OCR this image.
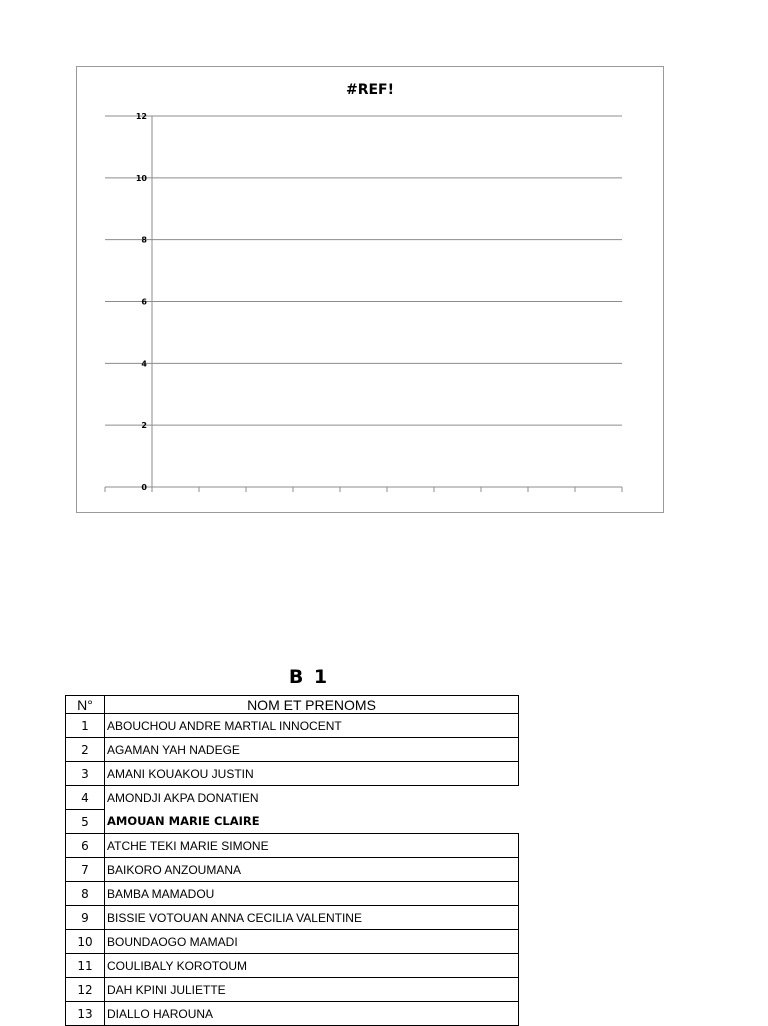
#REF!
0
2
4
6
8
10
12
B 1
N°	NOM ET PRENOMS
1	ABOUCHOU ANDRE MARTIAL INNOCENT
2	AGAMAN YAH NADEGE
3	AMANI KOUAKOU JUSTIN
4	AMONDJI AKPA DONATIEN
5	AMOUAN MARIE CLAIRE
6	ATCHE TEKI MARIE SIMONE
7	BAIKORO ANZOUMANA
8	BAMBA MAMADOU
9	BISSIE VOTOUAN ANNA CECILIA VALENTINE
10	BOUNDAOGO MAMADI
11	COULIBALY KOROTOUM
12	DAH KPINI JULIETTE
13	DIALLO HAROUNA
